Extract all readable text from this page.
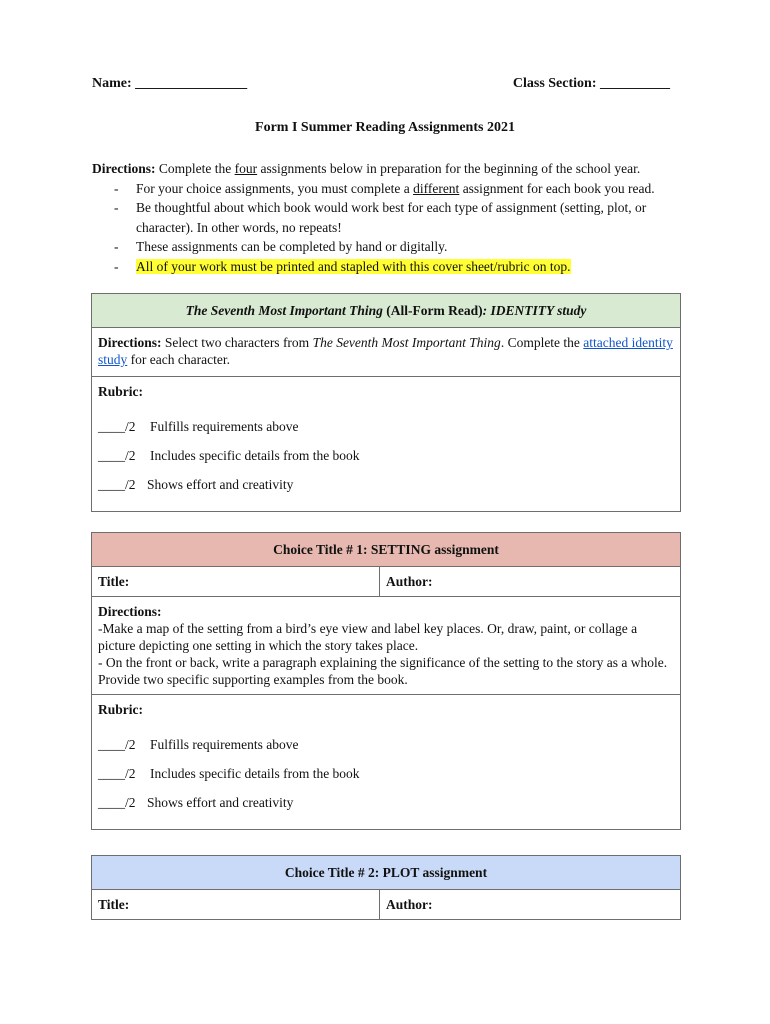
Name: ________________	Class Section: __________
Form I Summer Reading Assignments 2021

Directions: Complete the four assignments below in preparation for the beginning of the school year.

- For your choice assignments, you must complete a different assignment for each book you read.
- Be thoughtful about which book would work best for each type of assignment (setting, plot, or character). In other words, no repeats!
- These assignments can be completed by hand or digitally.
- All of your work must be printed and stapled with this cover sheet/rubric on top.
The Seventh Most Important Thing (All-Form Read): IDENTITY study
Directions: Select two characters from The Seventh Most Important Thing. Complete the attached identity study for each character.

Rubric:
____/2 Fulfills requirements above
____/2 Includes specific details from the book
____/2 Shows effort and creativity
Choice Title # 1: SETTING assignment
Title:	Author:

Directions:
-Make a map of the setting from a bird’s eye view and label key places. Or, draw, paint, or collage a picture depicting one setting in which the story takes place.
- On the front or back, write a paragraph explaining the significance of the setting to the story as a whole. Provide two specific supporting examples from the book.

Rubric:
____/2 Fulfills requirements above
____/2 Includes specific details from the book
____/2 Shows effort and creativity
Choice Title # 2: PLOT assignment
Title:	Author:
